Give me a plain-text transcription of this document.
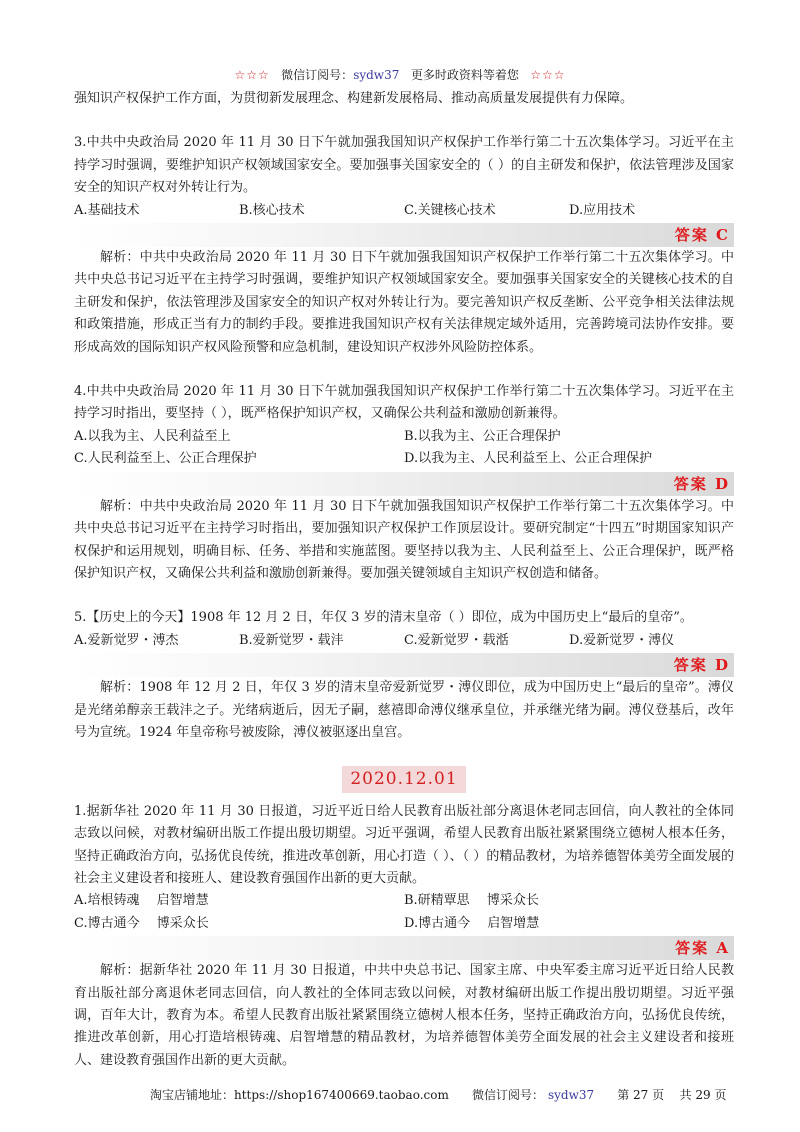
☆☆☆ 微信订阅号：sydw37 更多时政资料等着您 ☆☆☆

强知识产权保护工作方面，为贯彻新发展理念、构建新发展格局、推动高质量发展提供有力保障。

3.中共中央政治局 2020 年 11 月 30 日下午就加强我国知识产权保护工作举行第二十五次集体学习。习近平在主持学习时强调，要维护知识产权领域国家安全。要加强事关国家安全的（ ）的自主研发和保护，依法管理涉及国家安全的知识产权对外转让行为。

A.基础技术	B.核心技术	C.关键核心技术	D.应用技术
答案 C

解析：中共中央政治局 2020 年 11 月 30 日下午就加强我国知识产权保护工作举行第二十五次集体学习。中共中央总书记习近平在主持学习时强调，要维护知识产权领域国家安全。要加强事关国家安全的关键核心技术的自主研发和保护，依法管理涉及国家安全的知识产权对外转让行为。要完善知识产权反垄断、公平竞争相关法律法规和政策措施，形成正当有力的制约手段。要推进我国知识产权有关法律规定域外适用，完善跨境司法协作安排。要形成高效的国际知识产权风险预警和应急机制，建设知识产权涉外风险防控体系。

4.中共中央政治局 2020 年 11 月 30 日下午就加强我国知识产权保护工作举行第二十五次集体学习。习近平在主持学习时指出，要坚持（ ），既严格保护知识产权，又确保公共利益和激励创新兼得。

A.以我为主、人民利益至上	B.以我为主、公正合理保护
C.人民利益至上、公正合理保护	D.以我为主、人民利益至上、公正合理保护
答案 D

解析：中共中央政治局 2020 年 11 月 30 日下午就加强我国知识产权保护工作举行第二十五次集体学习。中共中央总书记习近平在主持学习时指出，要加强知识产权保护工作顶层设计。要研究制定“十四五”时期国家知识产权保护和运用规划，明确目标、任务、举措和实施蓝图。要坚持以我为主、人民利益至上、公正合理保护，既严格保护知识产权，又确保公共利益和激励创新兼得。要加强关键领域自主知识产权创造和储备。

5.【历史上的今天】1908 年 12 月 2 日，年仅 3 岁的清末皇帝（ ）即位，成为中国历史上“最后的皇帝”。

A.爱新觉罗・溥杰	B.爱新觉罗・载沣	C.爱新觉罗・载湉	D.爱新觉罗・溥仪
答案 D

解析：1908 年 12 月 2 日，年仅 3 岁的清末皇帝爱新觉罗・溥仪即位，成为中国历史上“最后的皇帝”。溥仪是光绪弟醇亲王载沣之子。光绪病逝后，因无子嗣，慈禧即命溥仪继承皇位，并承继光绪为嗣。溥仪登基后，改年号为宣统。1924 年皇帝称号被废除，溥仪被驱逐出皇宫。

2020.12.01

1.据新华社 2020 年 11 月 30 日报道，习近平近日给人民教育出版社部分离退休老同志回信，向人教社的全体同志致以问候，对教材编研出版工作提出殷切期望。习近平强调，希望人民教育出版社紧紧围绕立德树人根本任务，坚持正确政治方向，弘扬优良传统，推进改革创新，用心打造（ ）、（ ）的精品教材，为培养德智体美劳全面发展的社会主义建设者和接班人、建设教育强国作出新的更大贡献。

A.培根铸魂　 启智增慧	B.研精覃思　 博采众长
C.博古通今　 博采众长	D.博古通今　 启智增慧
答案 A

解析：据新华社 2020 年 11 月 30 日报道，中共中央总书记、国家主席、中央军委主席习近平近日给人民教育出版社部分离退休老同志回信，向人教社的全体同志致以问候，对教材编研出版工作提出殷切期望。习近平强调，百年大计，教育为本。希望人民教育出版社紧紧围绕立德树人根本任务，坚持正确政治方向，弘扬优良传统，推进改革创新，用心打造培根铸魂、启智增慧的精品教材，为培养德智体美劳全面发展的社会主义建设者和接班人、建设教育强国作出新的更大贡献。

淘宝店铺地址：https://shop167400669.taobao.com 微信订阅号： sydw37 第 27 页 共 29 页
